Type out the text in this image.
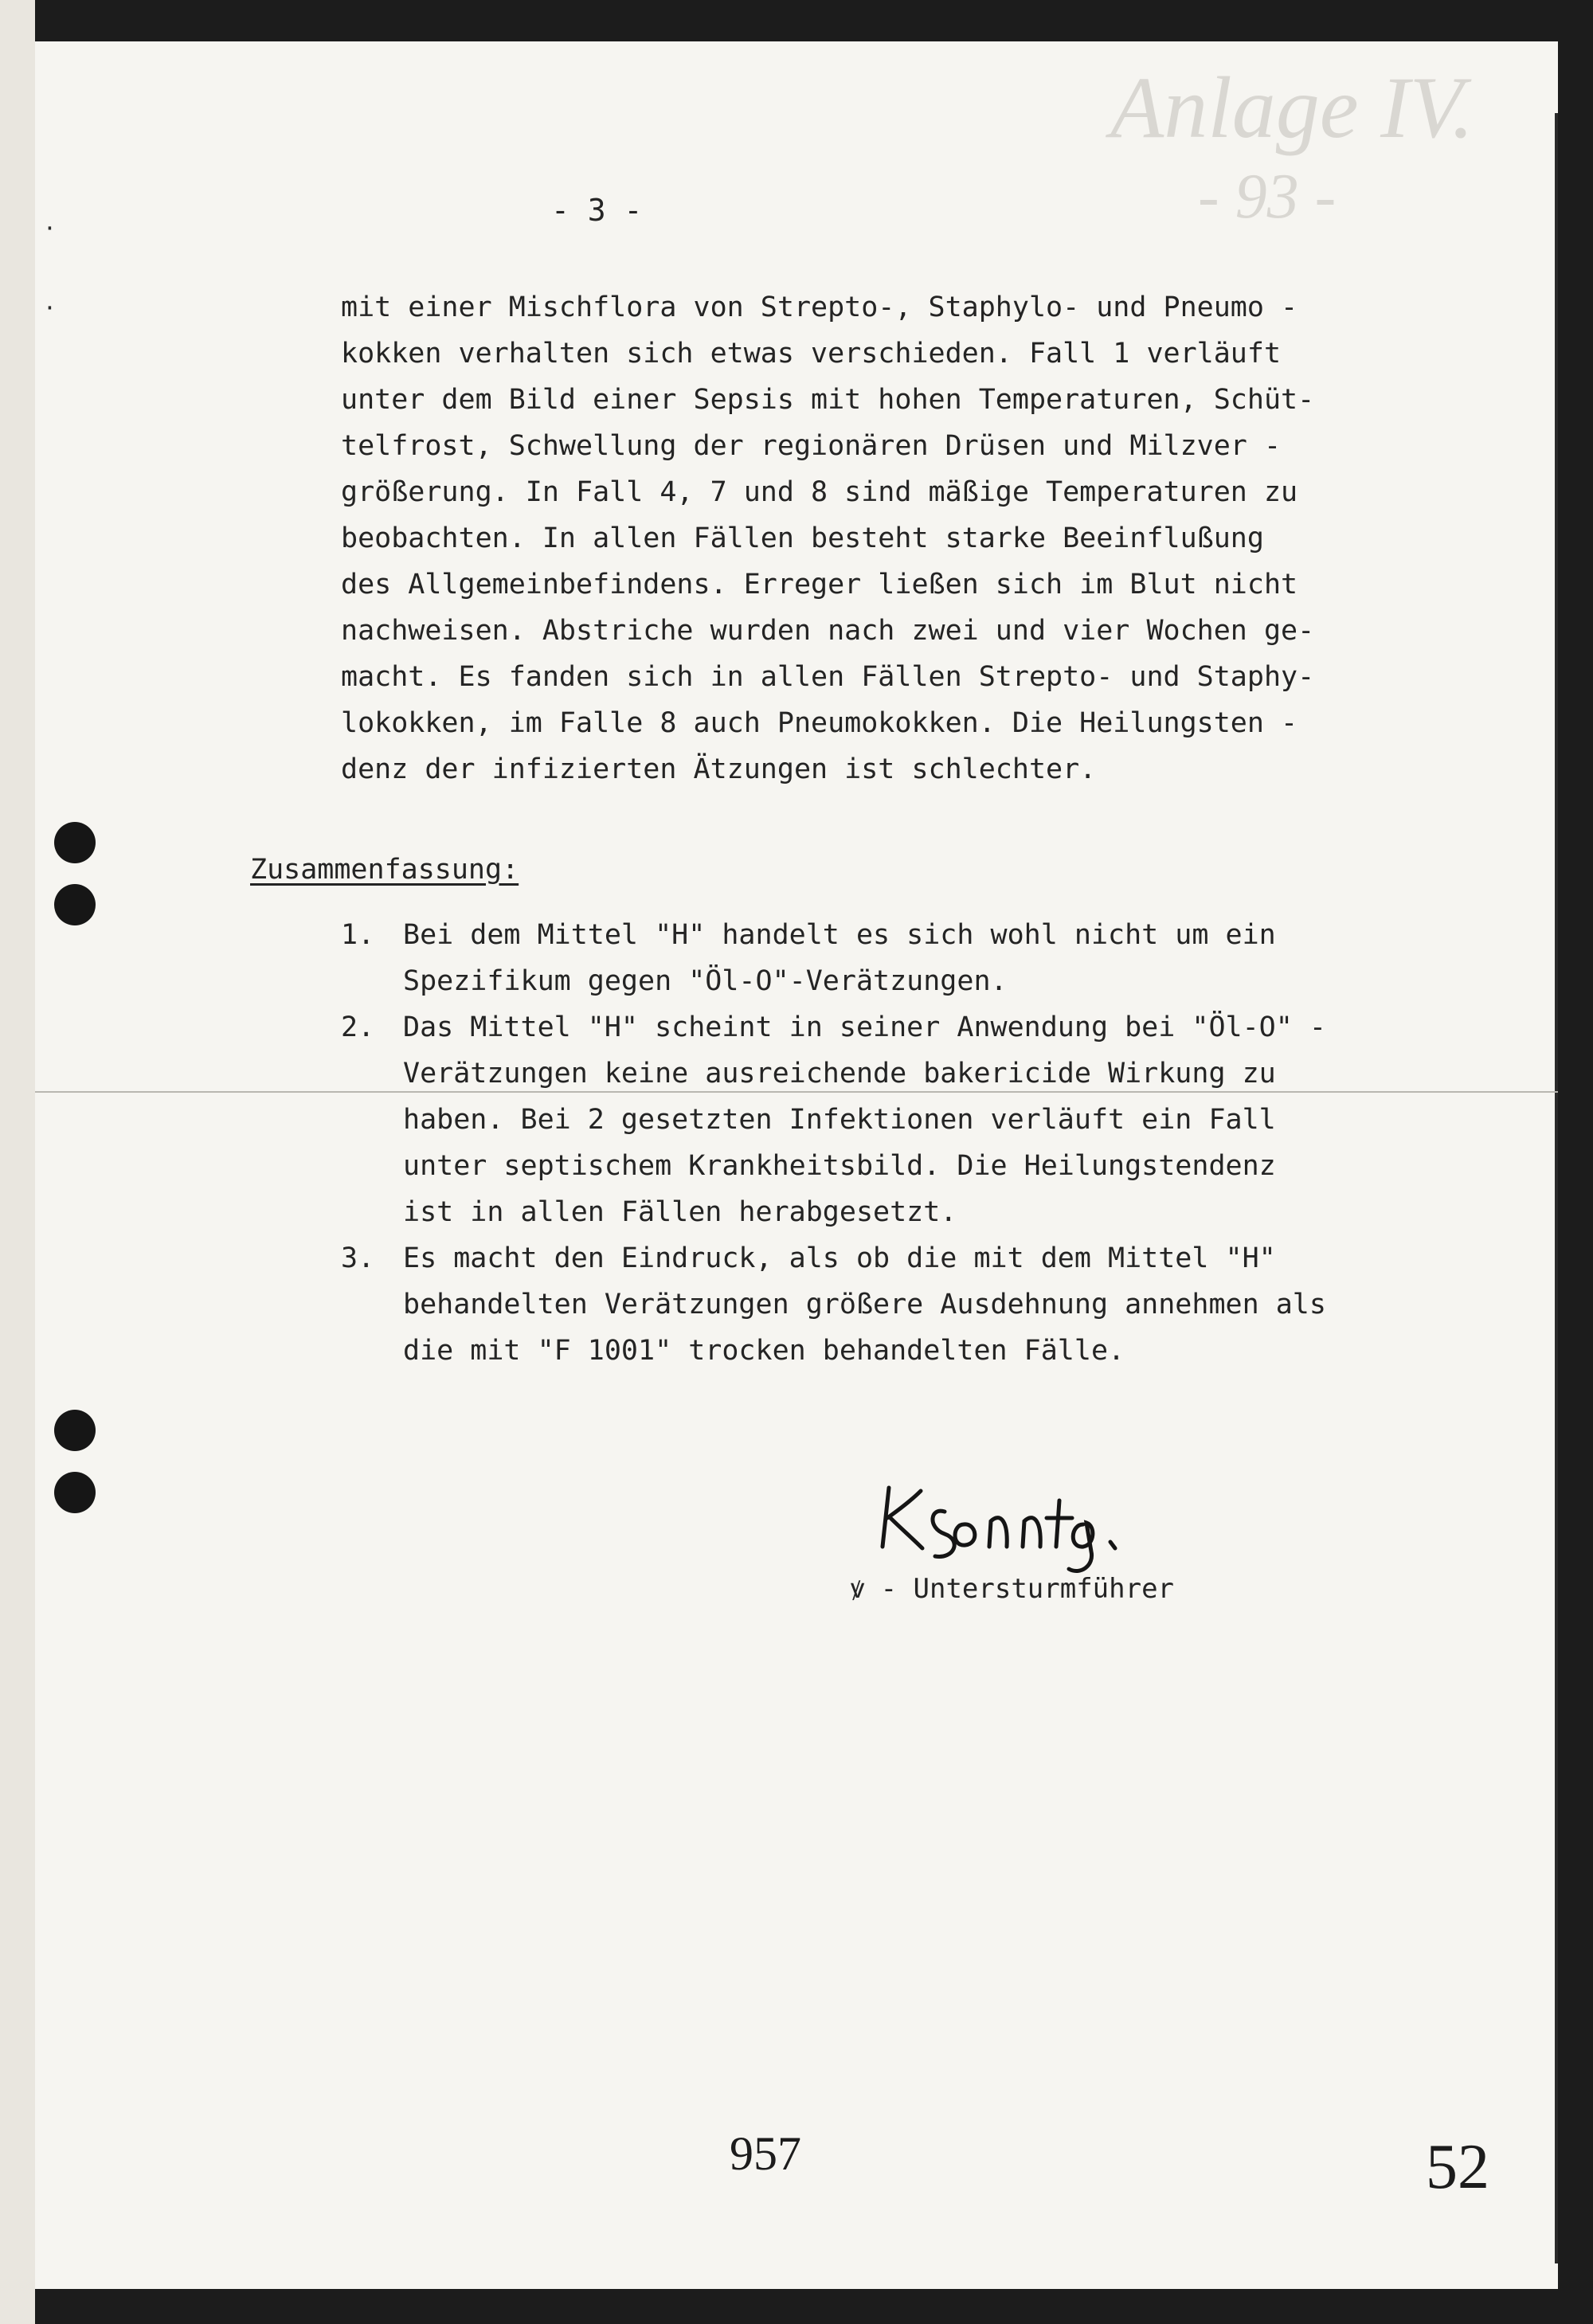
·
·
Anlage IV.
- 93 -
- 3 -
mit einer Mischflora von Strepto-, Staphylo- und Pneumo -
kokken verhalten sich etwas verschieden. Fall 1 verläuft
unter dem Bild einer Sepsis mit hohen Temperaturen, Schüt-
telfrost, Schwellung der regionären Drüsen und Milzver -
größerung. In Fall 4, 7 und 8 sind mäßige Temperaturen zu
beobachten. In allen Fällen besteht starke Beeinflußung
des Allgemeinbefindens. Erreger ließen sich im Blut nicht
nachweisen. Abstriche wurden nach zwei und vier Wochen ge-
macht. Es fanden sich in allen Fällen Strepto- und Staphy-
lokokken, im Falle 8 auch Pneumokokken. Die Heilungsten -
denz der infizierten Ätzungen ist schlechter.
Zusammenfassung:
1. Bei dem Mittel "H" handelt es sich wohl nicht um ein
Spezifikum gegen "Öl-O"-Verätzungen.
2. Das Mittel "H" scheint in seiner Anwendung bei "Öl-O" -
Verätzungen keine ausreichende bakericide Wirkung zu
haben. Bei 2 gesetzten Infektionen verläuft ein Fall
unter septischem Krankheitsbild. Die Heilungstendenz
ist in allen Fällen herabgesetzt.
3. Es macht den Eindruck, als ob die mit dem Mittel "H"
behandelten Verätzungen größere Ausdehnung annehmen als
die mit "F 1001" trocken behandelten Fälle.
ꝟ - Untersturmführer
957	52
